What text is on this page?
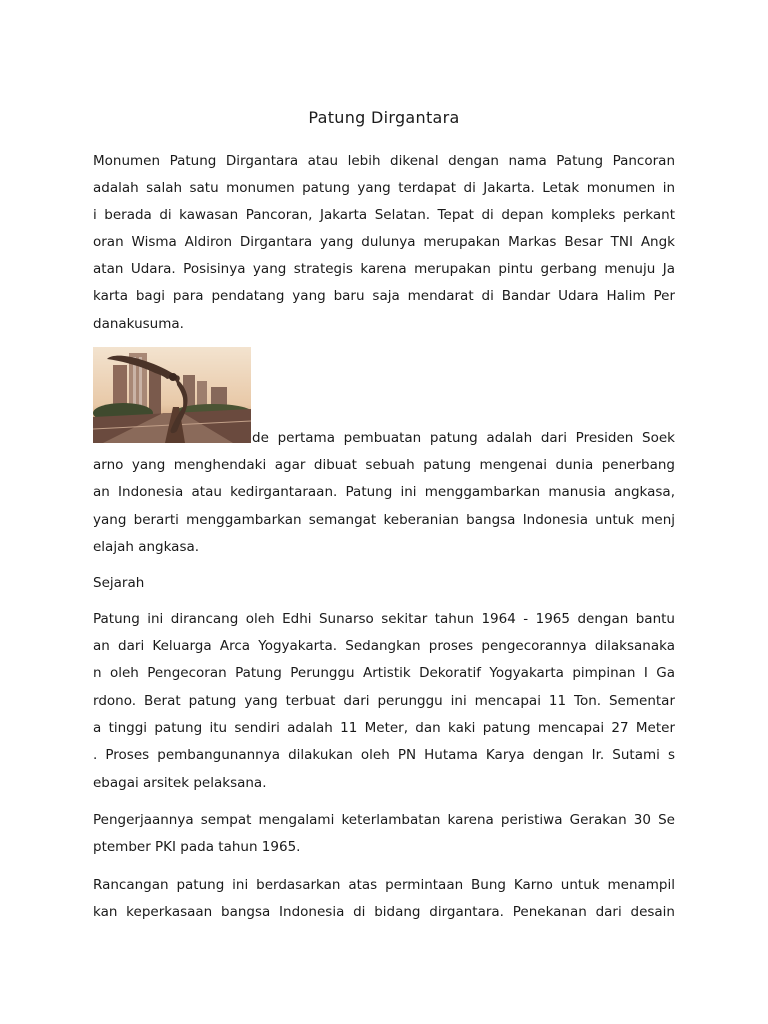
Patung Dirgantara
Monumen Patung Dirgantara atau lebih dikenal dengan nama Patung Pancoran
adalah salah satu monumen patung yang terdapat di Jakarta. Letak monumen in
i berada di kawasan Pancoran, Jakarta Selatan. Tepat di depan kompleks perkant
oran Wisma Aldiron Dirgantara yang dulunya merupakan Markas Besar TNI Angk
atan Udara. Posisinya yang strategis karena merupakan pintu gerbang menuju Ja
karta bagi para pendatang yang baru saja mendarat di Bandar Udara Halim Per
danakusuma.
de pertama pembuatan patung adalah dari Presiden Soek
arno yang menghendaki agar dibuat sebuah patung mengenai dunia penerbang
an Indonesia atau kedirgantaraan. Patung ini menggambarkan manusia angkasa,
yang berarti menggambarkan semangat keberanian bangsa Indonesia untuk menj
elajah angkasa.
Sejarah
Patung ini dirancang oleh Edhi Sunarso sekitar tahun 1964 - 1965 dengan bantu
an dari Keluarga Arca Yogyakarta. Sedangkan proses pengecorannya dilaksanaka
n oleh Pengecoran Patung Perunggu Artistik Dekoratif Yogyakarta pimpinan I Ga
rdono. Berat patung yang terbuat dari perunggu ini mencapai 11 Ton. Sementar
a tinggi patung itu sendiri adalah 11 Meter, dan kaki patung mencapai 27 Meter
. Proses pembangunannya dilakukan oleh PN Hutama Karya dengan Ir. Sutami s
ebagai arsitek pelaksana.
Pengerjaannya sempat mengalami keterlambatan karena peristiwa Gerakan 30 Se
ptember PKI pada tahun 1965.
Rancangan patung ini berdasarkan atas permintaan Bung Karno untuk menampil
kan keperkasaan bangsa Indonesia di bidang dirgantara. Penekanan dari desain
